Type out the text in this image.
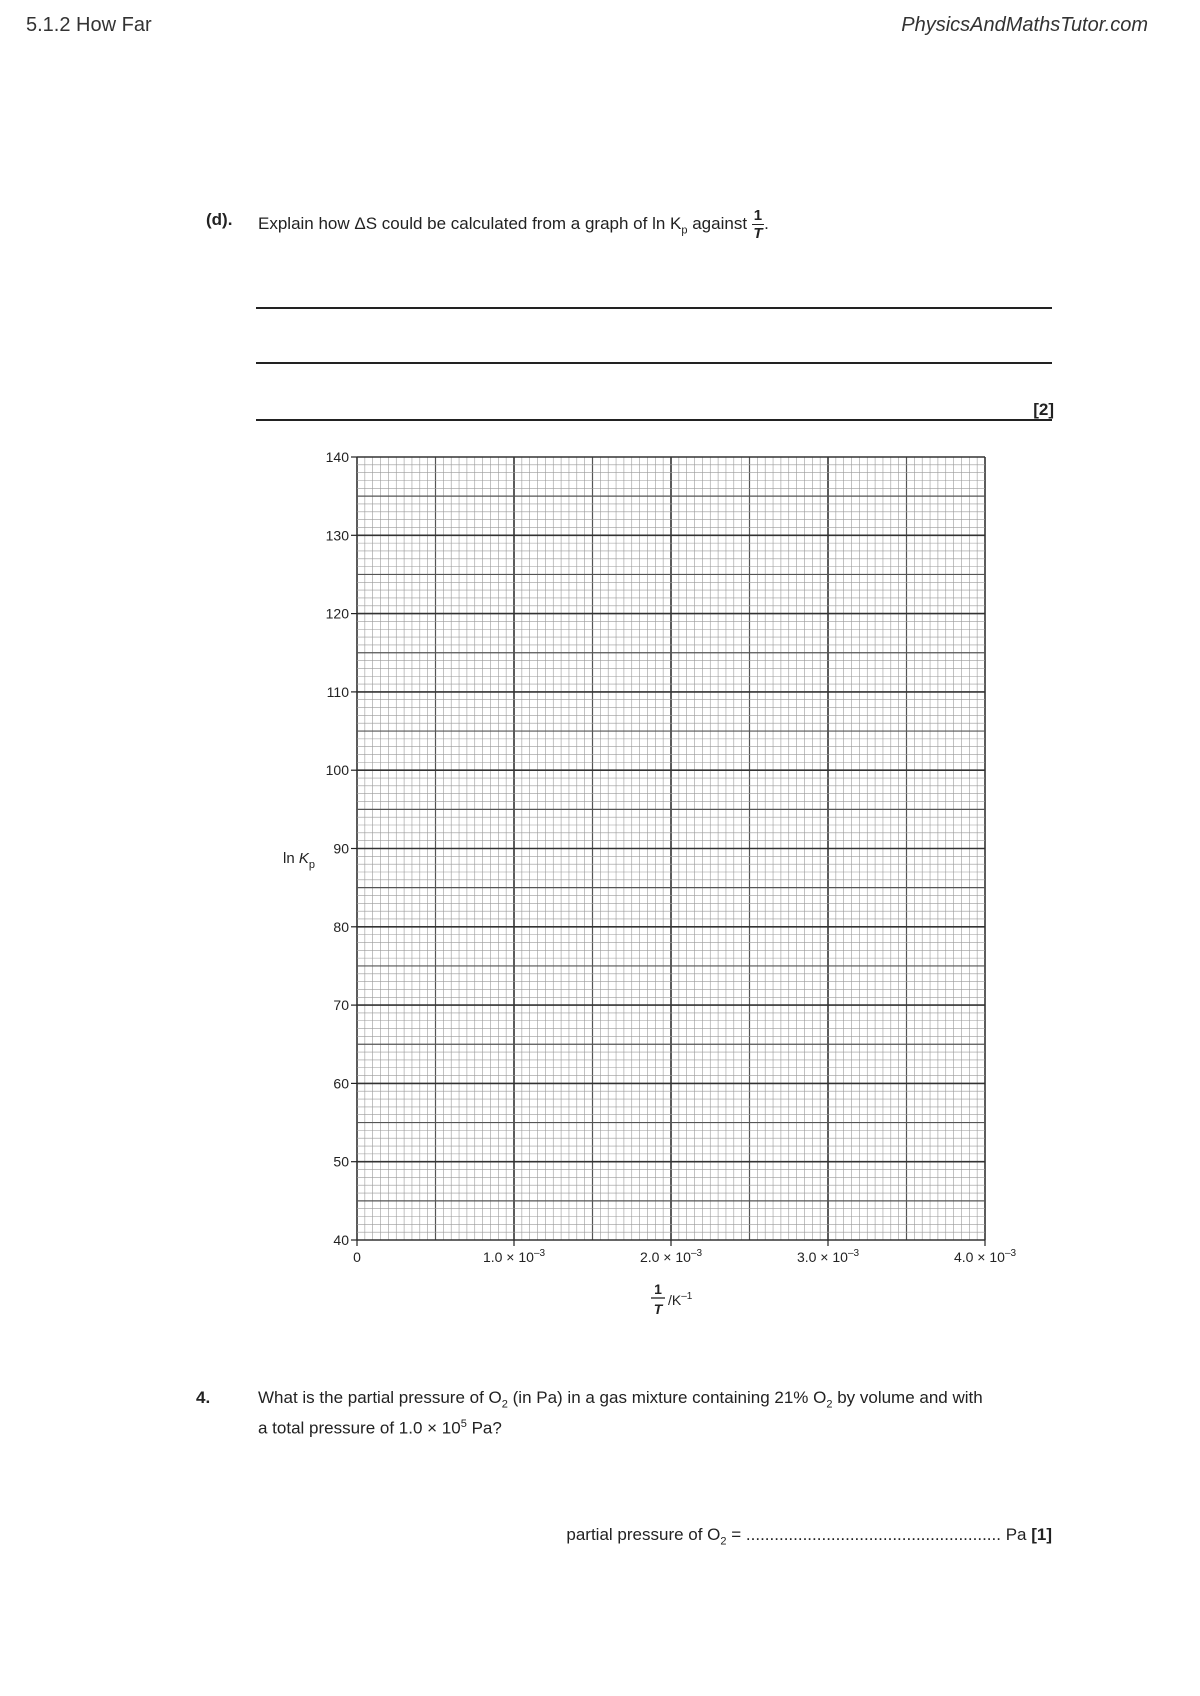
5.1.2 How Far	PhysicsAndMathsTutor.com
(d). Explain how ΔS could be calculated from a graph of $\ln K_p$ against $\frac{1}{T}$ .
[2]
40
50
60
70
80
90
100
110
120
130
140
0	$1.0 \times 10^{-3}$	$2.0 \times 10^{-3}$	$3.0 \times 10^{-3}$	$4.0 \times 10^{-3}$
$\ln K_p$
1
T
$/K^{-1}$
4.	What is the partial pressure of $O_2$ (in Pa) in a gas mixture containing 21% $O_2$ by volume and with
a total pressure of $1.0 \times 10^5$ Pa?
partial pressure of $O_2$ = ...................................................... Pa [1]
